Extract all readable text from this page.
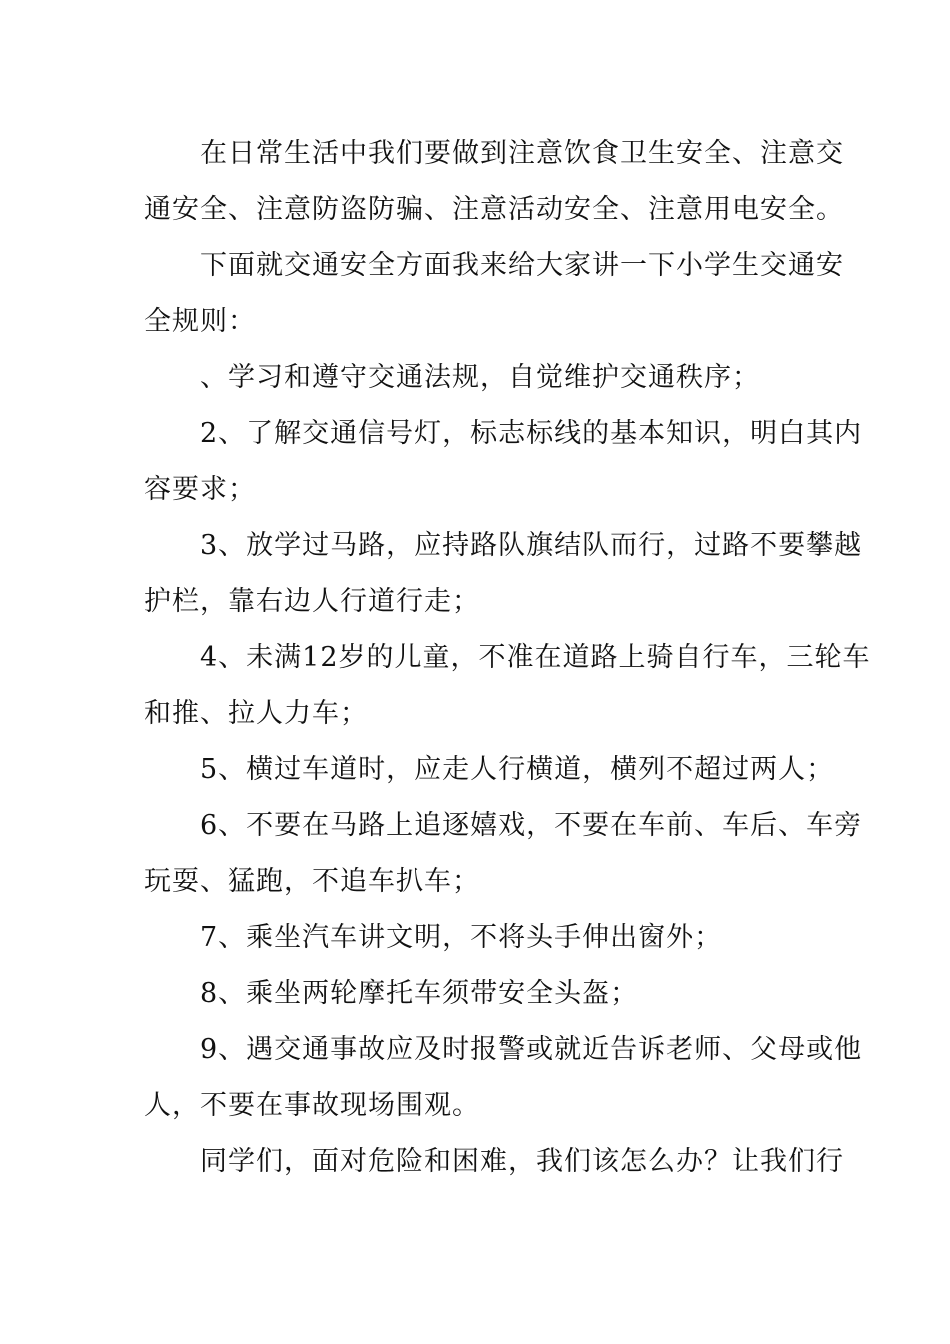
在日常生活中我们要做到注意饮食卫生安全、注意交
通安全、注意防盗防骗、注意活动安全、注意用电安全。
下面就交通安全方面我来给大家讲一下小学生交通安
全规则：
、学习和遵守交通法规，自觉维护交通秩序；
2、了解交通信号灯，标志标线的基本知识，明白其内
容要求；
3、放学过马路，应持路队旗结队而行，过路不要攀越
护栏，靠右边人行道行走；
4、未满12岁的儿童，不准在道路上骑自行车，三轮车
和推、拉人力车；
5、横过车道时，应走人行横道，横列不超过两人；
6、不要在马路上追逐嬉戏，不要在车前、车后、车旁
玩耍、猛跑，不追车扒车；
7、乘坐汽车讲文明，不将头手伸出窗外；
8、乘坐两轮摩托车须带安全头盔；
9、遇交通事故应及时报警或就近告诉老师、父母或他
人，不要在事故现场围观。
同学们，面对危险和困难，我们该怎么办？让我们行
